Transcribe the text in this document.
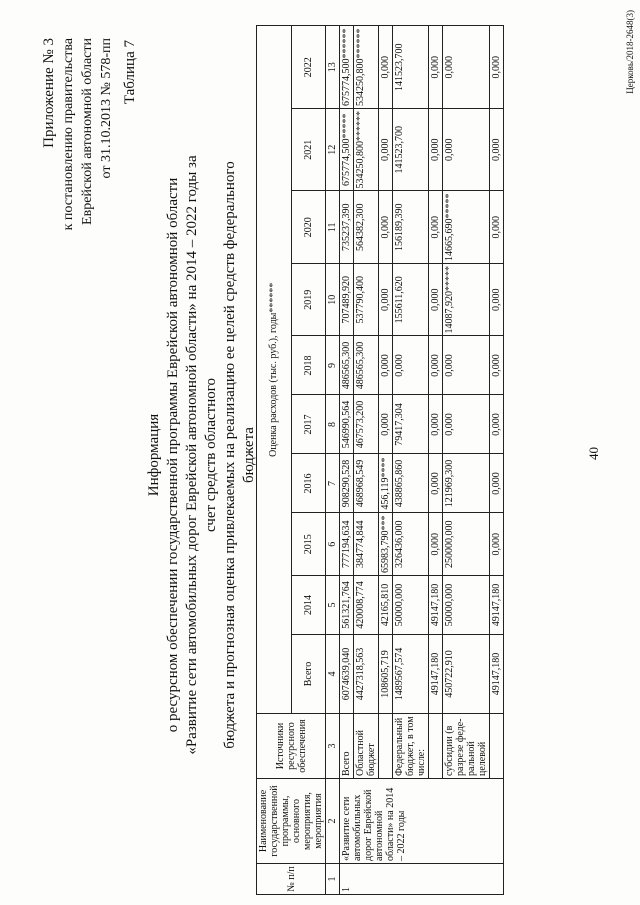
40
Приложение № 3 к постановлению правительства Еврейской автономной области от 31.10.2013 № 578-пп Таблица 7
Информация о ресурсном обеспечении государственной программы Еврейской автономной области «Развитие сети автомобильных дорог Еврейской автономной области» на 2014 – 2022 годы за счет средств областного бюджета и прогнозная оценка привлекаемых на реализацию ее целей средств федерального бюджета
№ п/п	Наименование государственной программы, основного мероприятия, мероприятия	Источники ресурсного обеспечения	Оценка расходов (тыс. руб.), годы******									
			Всего	2014	2015	2016	2017	2018	2019	2020	2021	2022
1	2	3	4	5	6	7	8	9	10	11	12	13
1	«Развитие сети автомобильных дорог Еврейской автономной области» на 2014 – 2022 годы	Всего	6074639,040	561321,764	777194,634	908290,528	546990,564	486565,300	707489,920	735237,390	675774,500*****	675774,500******
		Областной бюджет	4427318,563	420008,774	384774,844	468968,549	467573,200	486565,300	537790,400	564382,300	534250,800******	534250,800******
			108605,719	42165,810	65983,790***	456,119****	0,000	0,000	0,000	0,000	0,000	0,000
		Федеральный бюджет, в том числе:	1489567,574	50000,000	326436,000	438865,860	79417,304	0,000	155611,620	156189,390	141523,700	141523,700
			49147,180	49147,180	0,000	0,000	0,000	0,000	0,000	0,000	0,000	0,000
		субсидии (в разрезе феде-ральной целевой	450722,910	50000,000	250000,000	121969,300	0,000	0,000	14087,920*****	14665,690*****	0,000	0,000
			49147,180	49147,180	0,000	0,000	0,000	0,000	0,000	0,000	0,000	0,000	Церковь/2018-2648(3)
